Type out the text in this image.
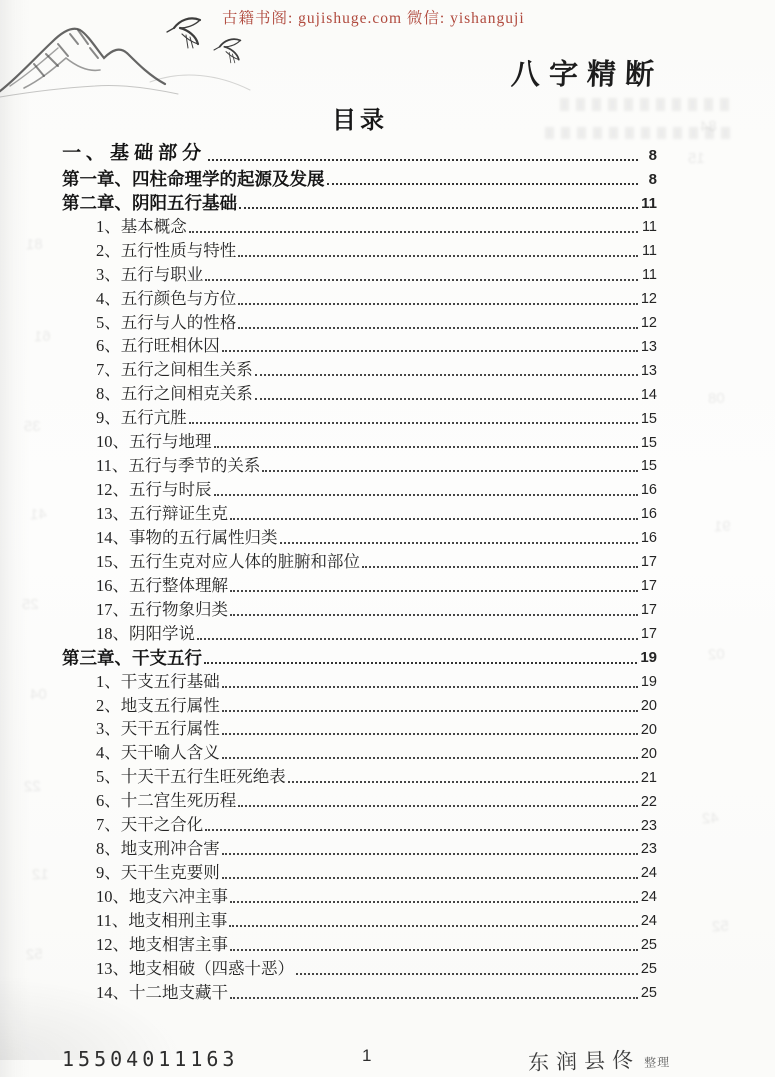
古籍书阁: gujishuge.com 微信: yishanguji
八字精断
目录
一、基础部分	8
第一章、四柱命理学的起源及发展	8
第二章、阴阳五行基础	11
1、基本概念	11
2、五行性质与特性	11
3、五行与职业	11
4、五行颜色与方位	12
5、五行与人的性格	12
6、五行旺相休囚	13
7、五行之间相生关系	13
8、五行之间相克关系	14
9、五行亢胜	15
10、五行与地理	15
11、五行与季节的关系	15
12、五行与时辰	16
13、五行辩证生克	16
14、事物的五行属性归类	16
15、五行生克对应人体的脏腑和部位	17
16、五行整体理解	17
17、五行物象归类	17
18、阴阳学说	17
第三章、干支五行	19
1、干支五行基础	19
2、地支五行属性	20
3、天干五行属性	20
4、天干喻人含义	20
5、十天干五行生旺死绝表	21
6、十二宫生死历程	22
7、天干之合化	23
8、地支刑冲合害	23
9、天干生克要则	24
10、地支六冲主事	24
11、地支相刑主事	24
12、地支相害主事	25
13、地支相破（四惑十恶）	25
14、十二地支藏干	25
84
15
81
61
35
41
25
04
22
12
52
08
91
02
42
52
15504011163	1	东润县佟 整理
